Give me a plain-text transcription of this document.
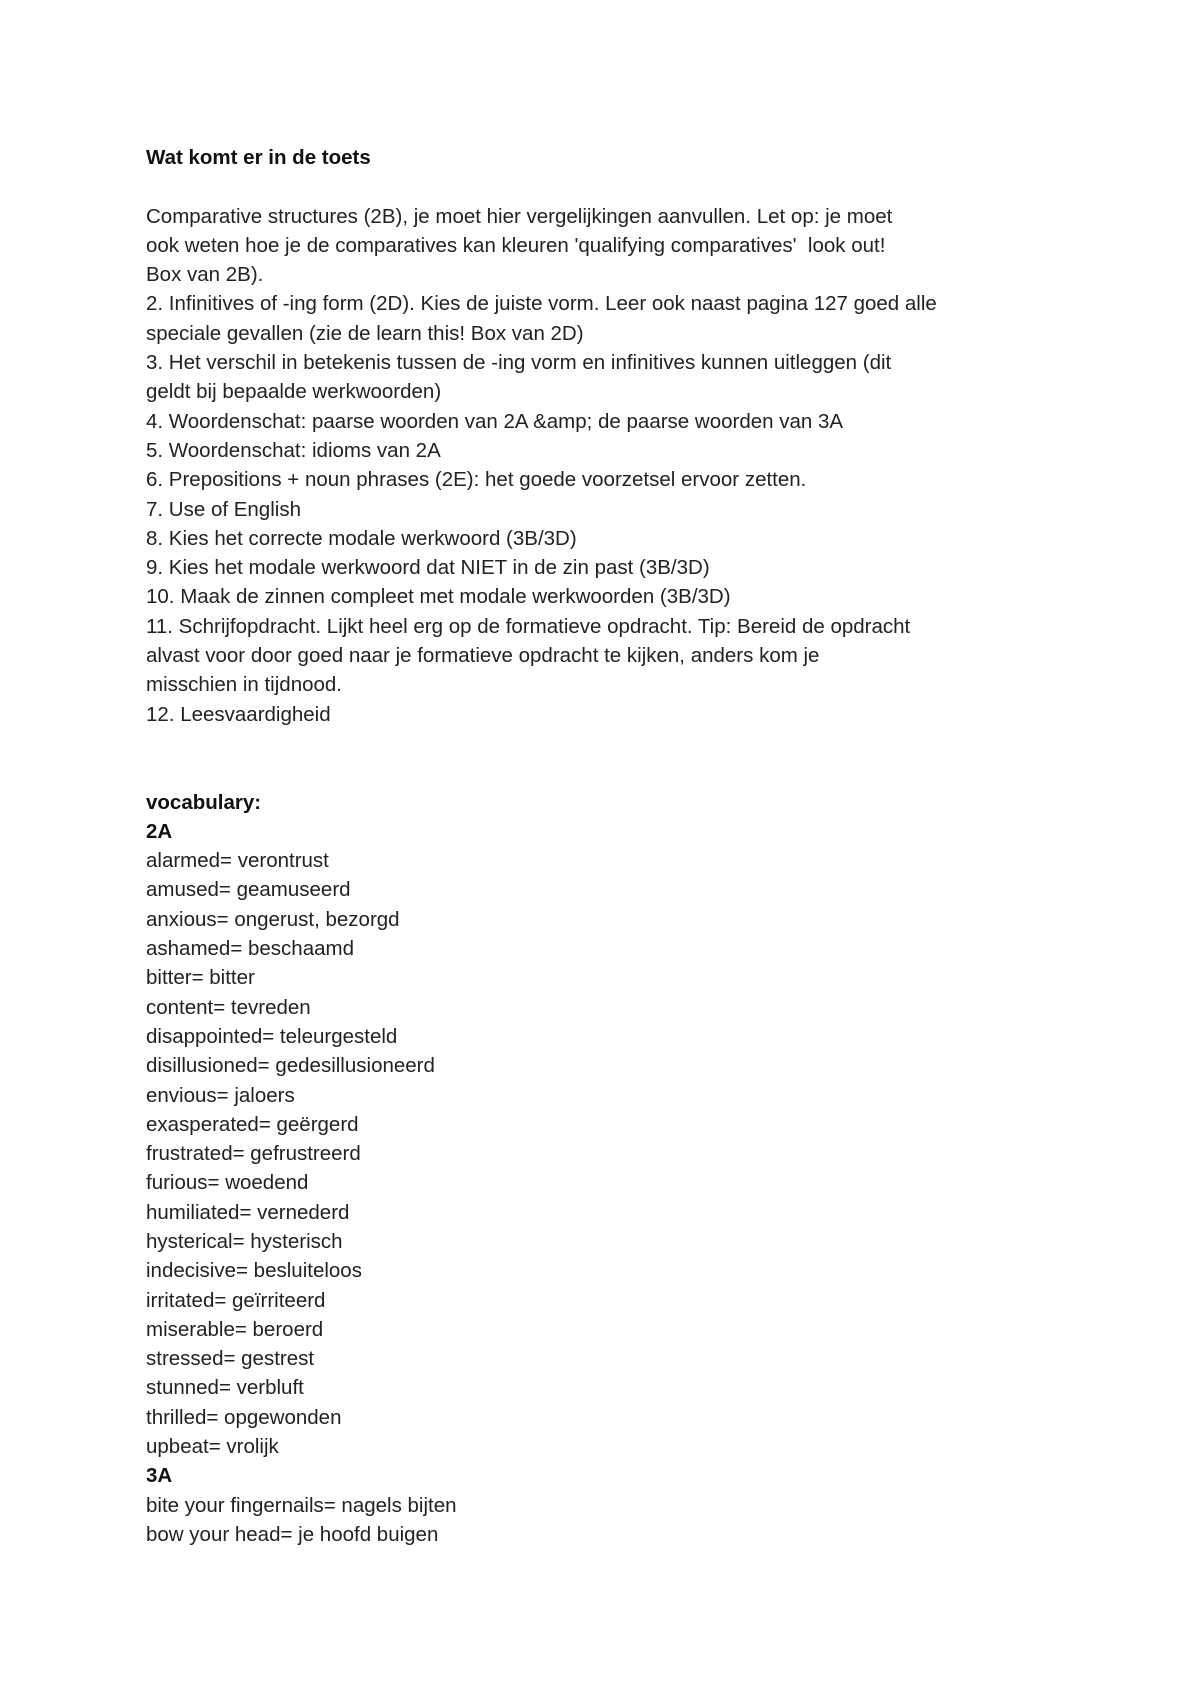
Wat komt er in de toets
Comparative structures (2B), je moet hier vergelijkingen aanvullen. Let op: je moet
ook weten hoe je de comparatives kan kleuren 'qualifying comparatives'  look out!
Box van 2B).
2. Infinitives of -ing form (2D). Kies de juiste vorm. Leer ook naast pagina 127 goed alle
speciale gevallen (zie de learn this! Box van 2D)
3. Het verschil in betekenis tussen de -ing vorm en infinitives kunnen uitleggen (dit
geldt bij bepaalde werkwoorden)
4. Woordenschat: paarse woorden van 2A &amp; de paarse woorden van 3A
5. Woordenschat: idioms van 2A
6. Prepositions + noun phrases (2E): het goede voorzetsel ervoor zetten.
7. Use of English
8. Kies het correcte modale werkwoord (3B/3D)
9. Kies het modale werkwoord dat NIET in de zin past (3B/3D)
10. Maak de zinnen compleet met modale werkwoorden (3B/3D)
11. Schrijfopdracht. Lijkt heel erg op de formatieve opdracht. Tip: Bereid de opdracht
alvast voor door goed naar je formatieve opdracht te kijken, anders kom je
misschien in tijdnood.
12. Leesvaardigheid
vocabulary:
2A
alarmed= verontrust
amused= geamuseerd
anxious= ongerust, bezorgd
ashamed= beschaamd
bitter= bitter
content= tevreden
disappointed= teleurgesteld
disillusioned= gedesillusioneerd
envious= jaloers
exasperated= geërgerd
frustrated= gefrustreerd
furious= woedend
humiliated= vernederd
hysterical= hysterisch
indecisive= besluiteloos
irritated= geïrriteerd
miserable= beroerd
stressed= gestrest
stunned= verbluft
thrilled= opgewonden
upbeat= vrolijk
3A
bite your fingernails= nagels bijten
bow your head= je hoofd buigen
